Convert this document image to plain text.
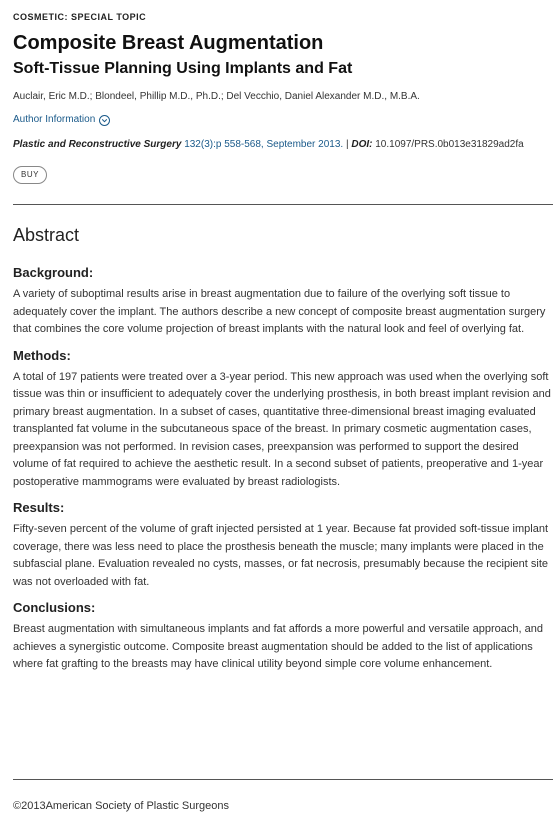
COSMETIC: SPECIAL TOPIC
Composite Breast Augmentation
Soft-Tissue Planning Using Implants and Fat
Auclair, Eric M.D.; Blondeel, Phillip M.D., Ph.D.; Del Vecchio, Daniel Alexander M.D., M.B.A.
Author Information
Plastic and Reconstructive Surgery 132(3):p 558-568, September 2013. | DOI: 10.1097/PRS.0b013e31829ad2fa
BUY
Abstract
Background:
A variety of suboptimal results arise in breast augmentation due to failure of the overlying soft tissue to adequately cover the implant. The authors describe a new concept of composite breast augmentation surgery that combines the core volume projection of breast implants with the natural look and feel of overlying fat.
Methods:
A total of 197 patients were treated over a 3-year period. This new approach was used when the overlying soft tissue was thin or insufficient to adequately cover the underlying prosthesis, in both breast implant revision and primary breast augmentation. In a subset of cases, quantitative three-dimensional breast imaging evaluated transplanted fat volume in the subcutaneous space of the breast. In primary cosmetic augmentation cases, preexpansion was not performed. In revision cases, preexpansion was performed to support the desired volume of fat required to achieve the aesthetic result. In a second subset of patients, preoperative and 1-year postoperative mammograms were evaluated by breast radiologists.
Results:
Fifty-seven percent of the volume of graft injected persisted at 1 year. Because fat provided soft-tissue implant coverage, there was less need to place the prosthesis beneath the muscle; many implants were placed in the subfascial plane. Evaluation revealed no cysts, masses, or fat necrosis, presumably because the recipient site was not overloaded with fat.
Conclusions:
Breast augmentation with simultaneous implants and fat affords a more powerful and versatile approach, and achieves a synergistic outcome. Composite breast augmentation should be added to the list of applications where fat grafting to the breasts may have clinical utility beyond simple core volume enhancement.
©2013American Society of Plastic Surgeons
